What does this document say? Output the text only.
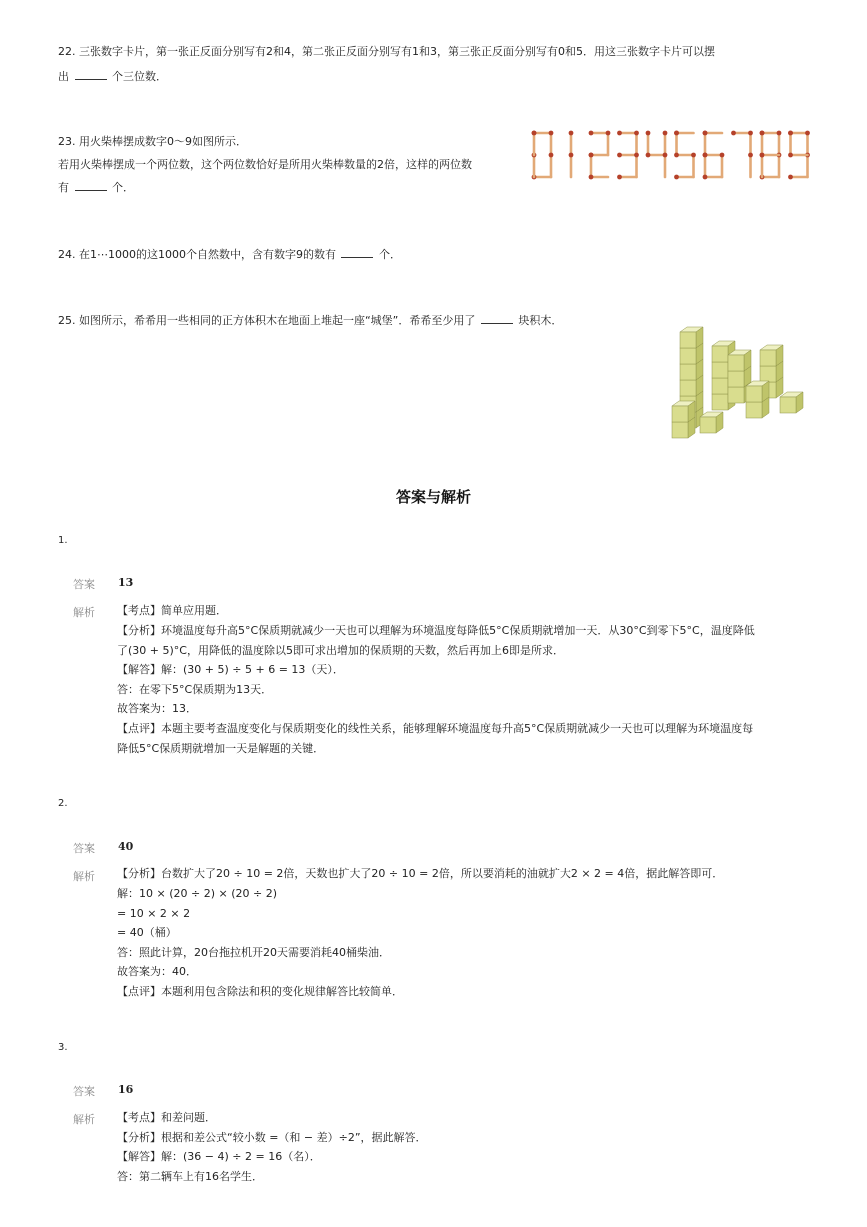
22. 三张数字卡片，第一张正反面分别写有2和4，第二张正反面分别写有1和3，第三张正反面分别写有0和5．用这三张数字卡片可以摆
出	个三位数．
23. 用火柴棒摆成数字0～9如图所示．
若用火柴棒摆成一个两位数，这个两位数恰好是所用火柴棒数量的2倍，这样的两位数
有	个．
24. 在1⋯1000的这1000个自然数中，含有数字9的数有	个．
25. 如图所示，希希用一些相同的正方体积木在地面上堆起一座“城堡”．希希至少用了	块积木．
答案与解析
1.
答案 13
解析 【考点】简单应用题．
【分析】环境温度每升高5°C保质期就减少一天也可以理解为环境温度每降低5°C保质期就增加一天．从30°C到零下5°C，温度降低
了(30 + 5)°C，用降低的温度除以5即可求出增加的保质期的天数，然后再加上6即是所求．
【解答】解：(30 + 5) ÷ 5 + 6 = 13（天）．
答：在零下5°C保质期为13天．
故答案为：13．
【点评】本题主要考查温度变化与保质期变化的线性关系，能够理解环境温度每升高5°C保质期就减少一天也可以理解为环境温度每
降低5°C保质期就增加一天是解题的关键．
2.
答案 40
解析 【分析】台数扩大了20 ÷ 10 = 2倍，天数也扩大了20 ÷ 10 = 2倍，所以要消耗的油就扩大2 × 2 = 4倍，据此解答即可．
解：10 × (20 ÷ 2) × (20 ÷ 2)
= 10 × 2 × 2
= 40（桶）
答：照此计算，20台拖拉机开20天需要消耗40桶柴油．
故答案为：40．
【点评】本题利用包含除法和积的变化规律解答比较简单．
3.
答案 16
解析 【考点】和差问题．
【分析】根据和差公式“较小数 =（和 − 差）÷2”，据此解答．
【解答】解：(36 − 4) ÷ 2 = 16（名）．
答：第二辆车上有16名学生．
